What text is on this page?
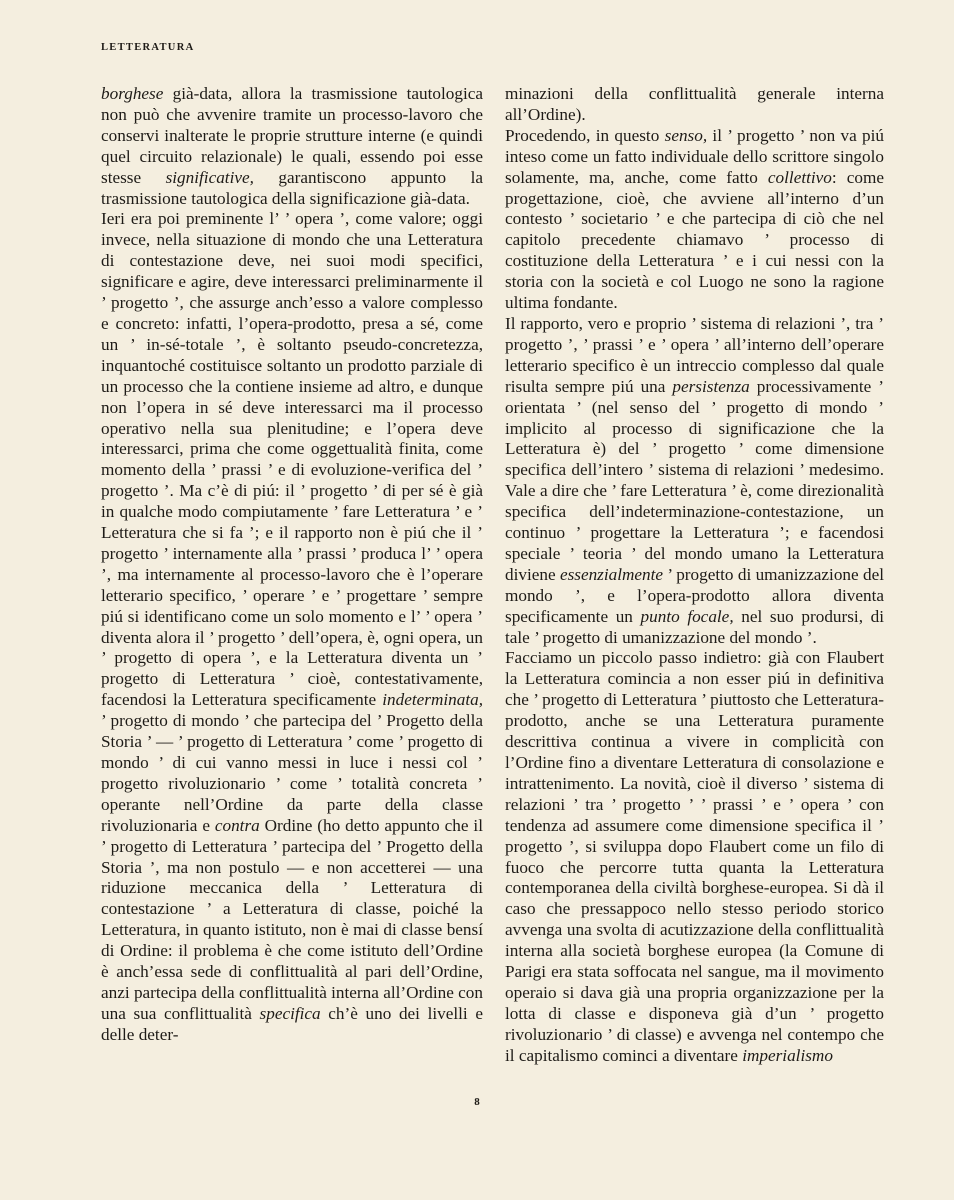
LETTERATURA

borghese già-data, allora la trasmissione tautologica non può che avvenire tramite un processo-lavoro che conservi inalterate le proprie strutture interne (e quindi quel circuito relazionale) le quali, essendo poi esse stesse significative, garantiscono appunto la trasmissione tautologica della significazione già-data.

Ieri era poi preminente l’ ’ opera ’, come valore; oggi invece, nella situazione di mondo che una Letteratura di contestazione deve, nei suoi modi specifici, significare e agire, deve interessarci preliminarmente il ’ progetto ’, che assurge anch’esso a valore complesso e concreto: infatti, l’opera-prodotto, presa a sé, come un ’ in-sé-totale ’, è soltanto pseudo-concretezza, inquantoché costituisce soltanto un prodotto parziale di un processo che la contiene insieme ad altro, e dunque non l’opera in sé deve interessarci ma il processo operativo nella sua plenitudine; e l’opera deve interessarci, prima che come oggettualità finita, come momento della ’ prassi ’ e di evoluzione-verifica del ’ progetto ’. Ma c’è di piú: il ’ progetto ’ di per sé è già in qualche modo compiutamente ’ fare Letteratura ’ e ’ Letteratura che si fa ’; e il rapporto non è piú che il ’ progetto ’ internamente alla ’ prassi ’ produca l’ ’ opera ’, ma internamente al processo-lavoro che è l’operare letterario specifico, ’ operare ’ e ’ progettare ’ sempre piú si identificano come un solo momento e l’ ’ opera ’ diventa alora il ’ progetto ’ dell’opera, è, ogni opera, un ’ progetto di opera ’, e la Letteratura diventa un ’ progetto di Letteratura ’ cioè, contestativamente, facendosi la Letteratura specificamente indeterminata, ’ progetto di mondo ’ che partecipa del ’ Progetto della Storia ’ — ’ progetto di Letteratura ’ come ’ progetto di mondo ’ di cui vanno messi in luce i nessi col ’ progetto rivoluzionario ’ come ’ totalità concreta ’ operante nell’Ordine da parte della classe rivoluzionaria e contra Ordine (ho detto appunto che il ’ progetto di Letteratura ’ partecipa del ’ Progetto della Storia ’, ma non postulo — e non accetterei — una riduzione meccanica della ’ Letteratura di contestazione ’ a Letteratura di classe, poiché la Letteratura, in quanto istituto, non è mai di classe bensí di Ordine: il problema è che come istituto dell’Ordine è anch’essa sede di conflittualità al pari dell’Ordine, anzi partecipa della conflittualità interna all’Ordine con una sua conflittualità specifica ch’è uno dei livelli e delle deter-

minazioni della conflittualità generale interna all’Ordine).

Procedendo, in questo senso, il ’ progetto ’ non va piú inteso come un fatto individuale dello scrittore singolo solamente, ma, anche, come fatto collettivo: come progettazione, cioè, che avviene all’interno d’un contesto ’ societario ’ e che partecipa di ciò che nel capitolo precedente chiamavo ’ processo di costituzione della Letteratura ’ e i cui nessi con la storia con la società e col Luogo ne sono la ragione ultima fondante.

Il rapporto, vero e proprio ’ sistema di relazioni ’, tra ’ progetto ’, ’ prassi ’ e ’ opera ’ all’interno dell’operare letterario specifico è un intreccio complesso dal quale risulta sempre piú una persistenza processivamente ’ orientata ’ (nel senso del ’ progetto di mondo ’ implicito al processo di significazione che la Letteratura è) del ’ progetto ’ come dimensione specifica dell’intero ’ sistema di relazioni ’ medesimo. Vale a dire che ’ fare Letteratura ’ è, come direzionalità specifica dell’indeterminazione-contestazione, un continuo ’ progettare la Letteratura ’; e facendosi speciale ’ teoria ’ del mondo umano la Letteratura diviene essenzialmente ’ progetto di umanizzazione del mondo ’, e l’opera-prodotto allora diventa specificamente un punto focale, nel suo prodursi, di tale ’ progetto di umanizzazione del mondo ’.

Facciamo un piccolo passo indietro: già con Flaubert la Letteratura comincia a non esser piú in definitiva che ’ progetto di Letteratura ’ piuttosto che Letteratura-prodotto, anche se una Letteratura puramente descrittiva continua a vivere in complicità con l’Ordine fino a diventare Letteratura di consolazione e intrattenimento. La novità, cioè il diverso ’ sistema di relazioni ’ tra ’ progetto ’ ’ prassi ’ e ’ opera ’ con tendenza ad assumere come dimensione specifica il ’ progetto ’, si sviluppa dopo Flaubert come un filo di fuoco che percorre tutta quanta la Letteratura contemporanea della civiltà borghese-europea. Si dà il caso che pressappoco nello stesso periodo storico avvenga una svolta di acutizzazione della conflittualità interna alla società borghese europea (la Comune di Parigi era stata soffocata nel sangue, ma il movimento operaio si dava già una propria organizzazione per la lotta di classe e disponeva già d’un ’ progetto rivoluzionario ’ di classe) e avvenga nel contempo che il capitalismo cominci a diventare imperialismo

8
